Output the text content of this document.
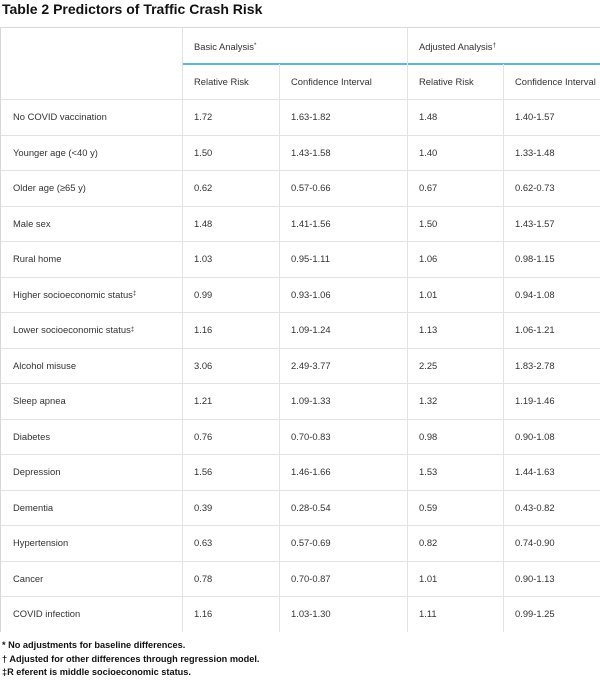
Table 2 Predictors of Traffic Crash Risk
Basic Analysis *	Adjusted Analysis †
Relative Risk	Confidence Interval	Relative Risk	Confidence Interval
No COVID vaccination	1.72	1.63-1.82	1.48	1.40-1.57
Younger age (<40 y)	1.50	1.43-1.58	1.40	1.33-1.48
Older age (≥65 y)	0.62	0.57-0.66	0.67	0.62-0.73
Male sex	1.48	1.41-1.56	1.50	1.43-1.57
Rural home	1.03	0.95-1.11	1.06	0.98-1.15
Higher socioeconomic status ‡	0.99	0.93-1.06	1.01	0.94-1.08
Lower socioeconomic status ‡	1.16	1.09-1.24	1.13	1.06-1.21
Alcohol misuse	3.06	2.49-3.77	2.25	1.83-2.78
Sleep apnea	1.21	1.09-1.33	1.32	1.19-1.46
Diabetes	0.76	0.70-0.83	0.98	0.90-1.08
Depression	1.56	1.46-1.66	1.53	1.44-1.63
Dementia	0.39	0.28-0.54	0.59	0.43-0.82
Hypertension	0.63	0.57-0.69	0.82	0.74-0.90
Cancer	0.78	0.70-0.87	1.01	0.90-1.13
COVID infection	1.16	1.03-1.30	1.11	0.99-1.25
* No adjustments for baseline differences.
† Adjusted for other differences through regression model.
‡R eferent is middle socioeconomic status.
